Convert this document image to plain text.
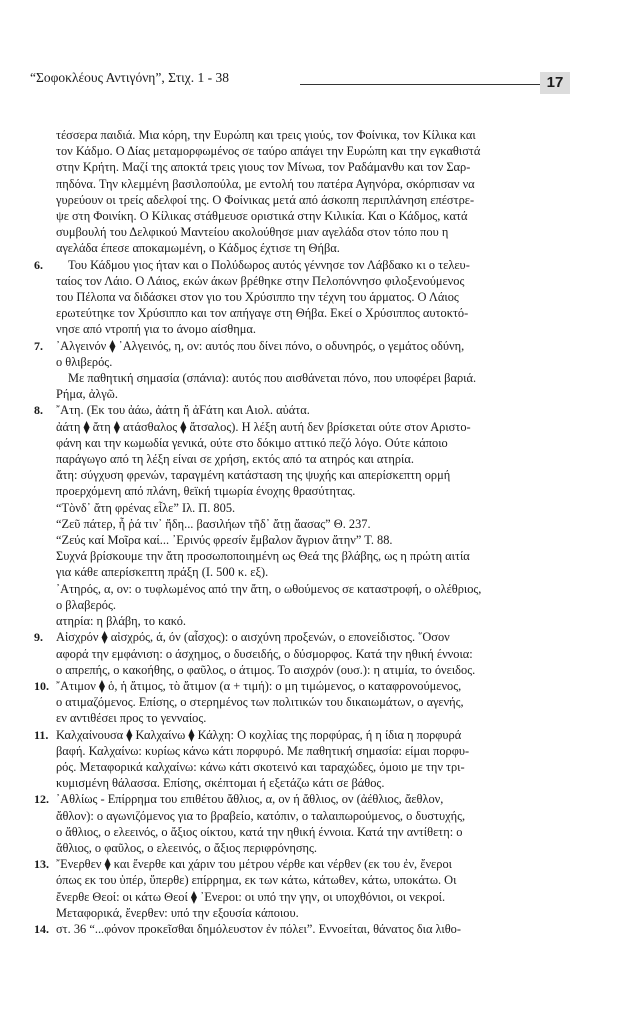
“Σοφοκλέους Αντιγόνη”, Στιχ. 1 - 38	17
τέσσερα παιδιά. Μια κόρη, την Ευρώπη και τρεις γιούς, τον Φοίνικα, τον Κίλικα και
τον Κάδμο. Ο Δίας μεταμορφωμένος σε ταύρο απάγει την Ευρώπη και την εγκαθιστά
στην Κρήτη. Μαζί της αποκτά τρεις γιους τον Μίνωα, τον Ραδάμανθυ και τον Σαρ-
πηδόνα. Την κλεμμένη βασιλοπούλα, με εντολή του πατέρα Αγηνόρα, σκόρπισαν να
γυρεύουν οι τρείς αδελφοί της. Ο Φοίνικας μετά από άσκοπη περιπλάνηση επέστρε-
ψε στη Φοινίκη. Ο Κίλικας στάθμευσε οριστικά στην Κιλικία. Και ο Κάδμος, κατά
συμβουλή του Δελφικού Μαντείου ακολούθησε μιαν αγελάδα στον τόπο που η
αγελάδα έπεσε αποκαμωμένη, ο Κάδμος έχτισε τη Θήβα.
6.	Του Κάδμου γιος ήταν και ο Πολύδωρος αυτός γέννησε τον Λάβδακο κι ο τελευ-
ταίος τον Λάιο. Ο Λάιος, εκών άκων βρέθηκε στην Πελοπόννησο φιλοξενούμενος
του Πέλοπα να διδάσκει στον γιο του Χρύσιππο την τέχνη του άρματος. Ο Λάιος
ερωτεύτηκε τον Χρύσιππο και τον απήγαγε στη Θήβα. Εκεί ο Χρύσιππος αυτοκτό-
νησε από ντροπή για το άνομο αίσθημα.
7. ᾿Αλγεινόν ⧫ ᾿Αλγεινός, η, ον: αυτός που δίνει πόνο, ο οδυνηρός, ο γεμάτος οδύνη,
ο θλιβερός.
Με παθητική σημασία (σπάνια): αυτός που αισθάνεται πόνο, που υποφέρει βαριά.
Ρήμα, ἀλγῶ.
8. ῎Ατη. (Εκ του ἀάω, ἀάτη ἤ ἀϜάτη και Αιολ. αὐάτα.
ἀάτη ⧫ ἄτη ⧫ ατάσθαλος ⧫ ἄτσαλος). Η λέξη αυτή δεν βρίσκεται ούτε στον Αριστο-
φάνη και την κωμωδία γενικά, ούτε στο δόκιμο αττικό πεζό λόγο. Ούτε κάποιο
παράγωγο από τη λέξη είναι σε χρήση, εκτός από τα ατηρός και ατηρία.
ἄτη: σύγχυση φρενών, ταραγμένη κατάσταση της ψυχής και απερίσκεπτη ορμή
προερχόμενη από πλάνη, θεϊκή τιμωρία ένοχης θρασύτητας.
“Τὸνδ᾿ ἄτη φρένας εἷλε” Ιλ. Π. 805.
“Ζεῦ πάτερ, ἦ ῥά τιν᾿ ἤδη... βασιλήων τῆδ᾿ ἄτῃ ἄασας” Θ. 237.
“Ζεύς καί Μοῖρα καί... ᾿Ερινύς φρεσίν ἔμβαλον ἄγριον ἄτην” Τ. 88.
Συχνά βρίσκουμε την ἄτη προσωποποιημένη ως Θεά της βλάβης, ως η πρώτη αιτία
για κάθε απερίσκεπτη πράξη (Ι. 500 κ. εξ).
᾿Ατηρός, α, ον: ο τυφλωμένος από την ἄτη, ο ωθούμενος σε καταστροφή, ο ολέθριος,
ο βλαβερός.
ατηρία: η βλάβη, το κακό.
9. Αἰσχρόν ⧫ αἰσχρός, ά, όν (αἶσχος): ο αισχύνη προξενών, ο επονείδιστος. ῞Οσον
αφορά την εμφάνιση: ο άσχημος, ο δυσειδής, ο δύσμορφος. Κατά την ηθική έννοια:
ο απρεπής, ο κακοήθης, ο φαῦλος, ο άτιμος. Το αισχρόν (ουσ.): η ατιμία, το όνειδος.
10. ῎Ατιμον ⧫ ὁ, ἡ ἄτιμος, τὸ ἄτιμον (α + τιμή): ο μη τιμώμενος, ο καταφρονούμενος,
ο ατιμαζόμενος. Επίσης, ο στερημένος των πολιτικών του δικαιωμάτων, ο αγενής,
εν αντιθέσει προς το γενναίος.
11. Καλχαίνουσα ⧫ Καλχαίνω ⧫ Κάλχη: Ο κοχλίας της πορφύρας, ή η ίδια η πορφυρά
βαφή. Καλχαίνω: κυρίως κάνω κάτι πορφυρό. Με παθητική σημασία: είμαι πορφυ-
ρός. Μεταφορικά καλχαίνω: κάνω κάτι σκοτεινό και ταραχώδες, όμοιο με την τρι-
κυμισμένη θάλασσα. Επίσης, σκέπτομαι ή εξετάζω κάτι σε βάθος.
12. ᾿Αθλίως - Επίρρημα του επιθέτου ἄθλιος, α, ον ή ἄθλιος, ον (ἀέθλιος, ἄεθλον,
ἄθλον): ο αγωνιζόμενος για το βραβείο, κατόπιν, ο ταλαιπωρούμενος, ο δυστυχής,
ο ἄθλιος, ο ελεεινός, ο ἄξιος οίκτου, κατά την ηθική έννοια. Κατά την αντίθετη: ο
ἄθλιος, ο φαῦλος, ο ελεεινός, ο ἄξιος περιφρόνησης.
13. ῎Ενερθεν ⧫ και ἔνερθε και χάριν του μέτρου νέρθε και νέρθεν (εκ του ἐν, ἔνεροι
όπως εκ του ὑπέρ, ὕπερθε) επίρρημα, εκ των κάτω, κάτωθεν, κάτω, υποκάτω. Οι
ἔνερθε Θεοί: οι κάτω Θεοί ⧫ ᾿Ενεροι: οι υπό την γην, οι υποχθόνιοι, οι νεκροί.
Μεταφορικά, ἔνερθεν: υπό την εξουσία κάποιου.
14. στ. 36 “...φόνον προκεῖσθαι δημόλευστον ἐν πόλει”. Εννοείται, θάνατος δια λιθο-
